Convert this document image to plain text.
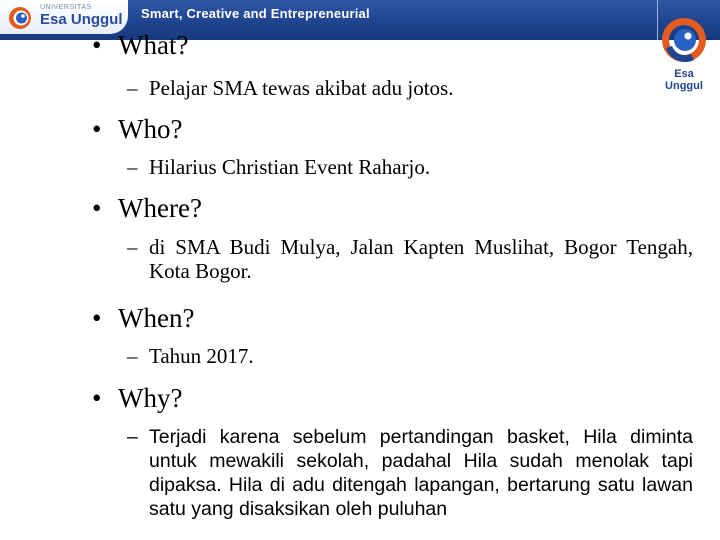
UNIVERSITAS
Esa Unggul Smart, Creative and Entrepreneurial
Esa Unggul
• What?
– Pelajar SMA tewas akibat adu jotos.
• Who?
– Hilarius Christian Event Raharjo.
• Where?
– di SMA Budi Mulya, Jalan Kapten Muslihat, Bogor Tengah, Kota Bogor.
• When?
– Tahun 2017.
• Why?
– Terjadi karena sebelum pertandingan basket, Hila diminta untuk mewakili sekolah, padahal Hila sudah menolak tapi dipaksa. Hila di adu ditengah lapangan, bertarung satu lawan satu yang disaksikan oleh puluhan
